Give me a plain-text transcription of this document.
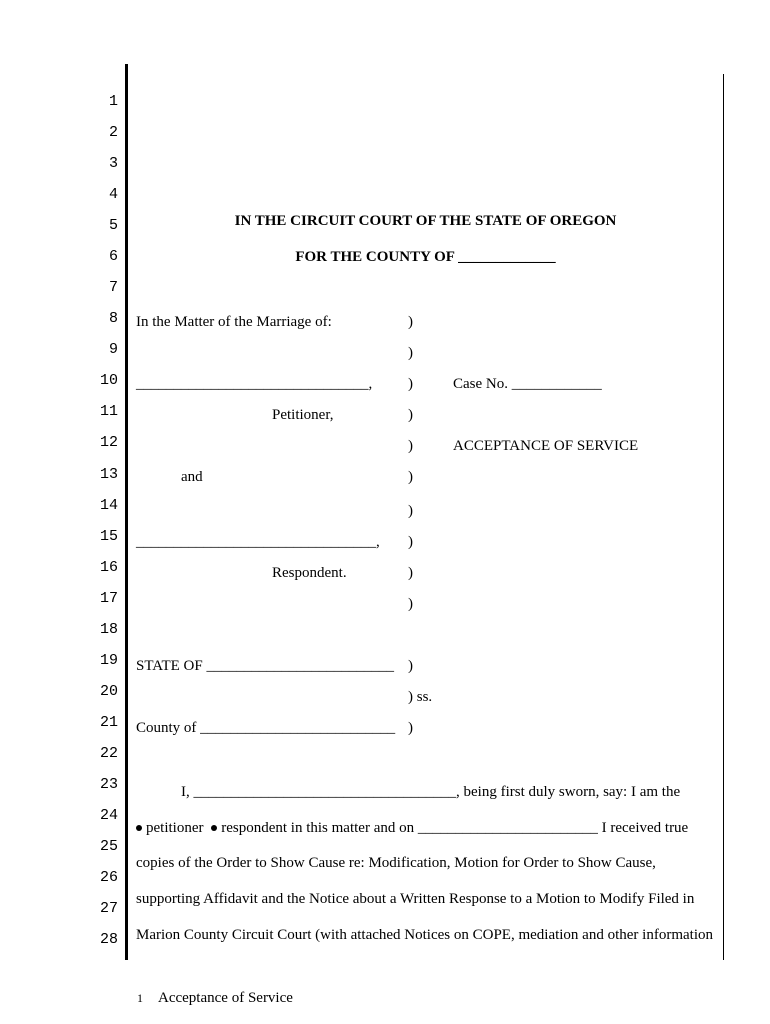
1
2
3
4
5
6
7
8
9
10
11
12
13
14
15
16
17
18
19
20
21
22
23
24
25
26
27
28
IN THE CIRCUIT COURT OF THE STATE OF OREGON
FOR THE COUNTY OF _____________
In the Matter of the Marriage of:
_______________________________,
Petitioner,
and
________________________________,
Respondent.
)
)
)
)
)
)
)
)
)
)
Case No. ____________
ACCEPTANCE OF SERVICE
STATE OF _________________________ )
) ss.
County of __________________________ )
I, ___________________________________, being first duly sworn, say: I am the
petitioner respondent in this matter and on ________________________ I received true
copies of the Order to Show Cause re: Modification, Motion for Order to Show Cause,
supporting Affidavit and the Notice about a Written Response to a Motion to Modify Filed in
Marion County Circuit Court (with attached Notices on COPE, mediation and other information
1 Acceptance of Service
